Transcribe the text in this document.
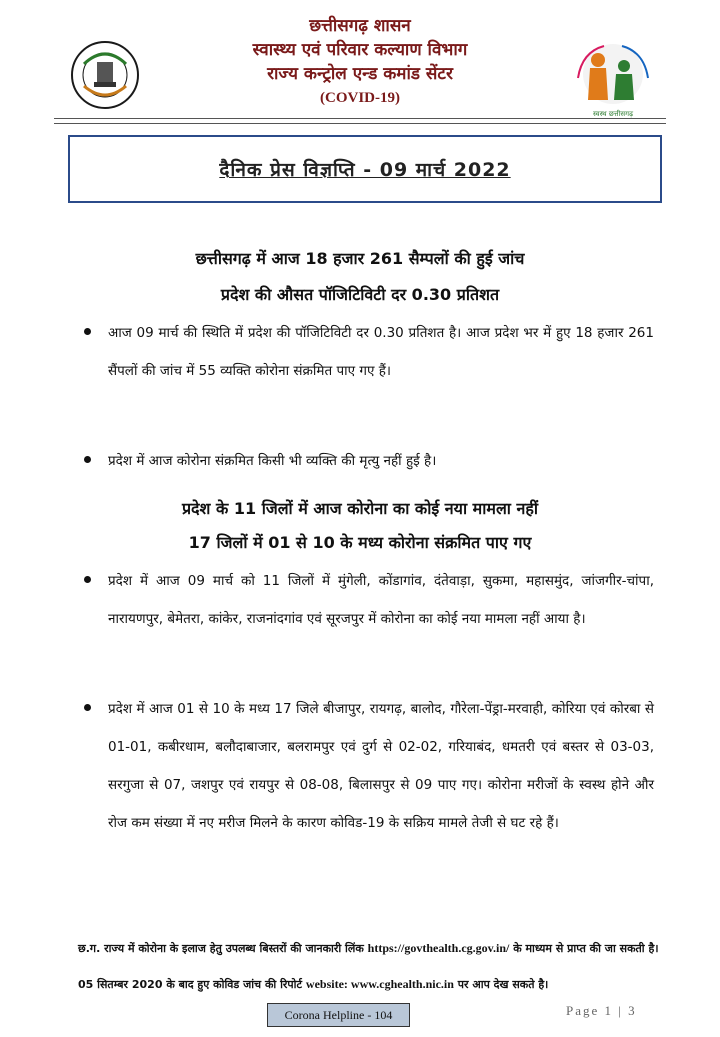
छत्तीसगढ़ शासन
स्वास्थ्य एवं परिवार कल्याण विभाग
राज्य कन्ट्रोल एन्ड कमांड सेंटर
(COVID-19)
स्वस्थ छत्तीसगढ़
दैनिक प्रेस विज्ञप्ति - 09 मार्च 2022
छत्तीसगढ़ में आज 18 हजार 261 सैम्पलों की हुई जांच
प्रदेश की औसत पॉजिटिविटी दर 0.30 प्रतिशत
आज 09 मार्च की स्थिति में प्रदेश की पॉजिटिविटी दर 0.30 प्रतिशत है। आज प्रदेश भर में हुए 18 हजार 261 सैंपलों की जांच में 55 व्यक्ति कोरोना संक्रमित पाए गए हैं।
प्रदेश में आज कोरोना संक्रमित किसी भी व्यक्ति की मृत्यु नहीं हुई है।
प्रदेश के 11 जिलों में आज कोरोना का कोई नया मामला नहीं
17 जिलों में 01 से 10 के मध्य कोरोना संक्रमित पाए गए
प्रदेश में आज 09 मार्च को 11 जिलों में मुंगेली, कोंडागांव, दंतेवाड़ा, सुकमा, महासमुंद, जांजगीर-चांपा, नारायणपुर, बेमेतरा, कांकेर, राजनांदगांव एवं सूरजपुर में कोरोना का कोई नया मामला नहीं आया है।
प्रदेश में आज 01 से 10 के मध्य 17 जिले बीजापुर, रायगढ़, बालोद, गौरेला-पेंड्रा-मरवाही, कोरिया एवं कोरबा से 01-01, कबीरधाम, बलौदाबाजार, बलरामपुर एवं दुर्ग से 02-02, गरियाबंद, धमतरी एवं बस्तर से 03-03, सरगुजा से 07, जशपुर एवं रायपुर से 08-08, बिलासपुर से 09 पाए गए। कोरोना मरीजों के स्वस्थ होने और रोज कम संख्या में नए मरीज मिलने के कारण कोविड-19 के सक्रिय मामले तेजी से घट रहे हैं।
छ.ग. राज्य में कोरोना के इलाज हेतु उपलब्ध बिस्तरों की जानकारी लिंक https://govthealth.cg.gov.in/ के माध्यम से प्राप्त की जा सकती है।
05 सितम्बर 2020 के बाद हुए कोविड जांच की रिपोर्ट website: www.cghealth.nic.in पर आप देख सकते है।
Corona Helpline - 104	Page 1 | 3
